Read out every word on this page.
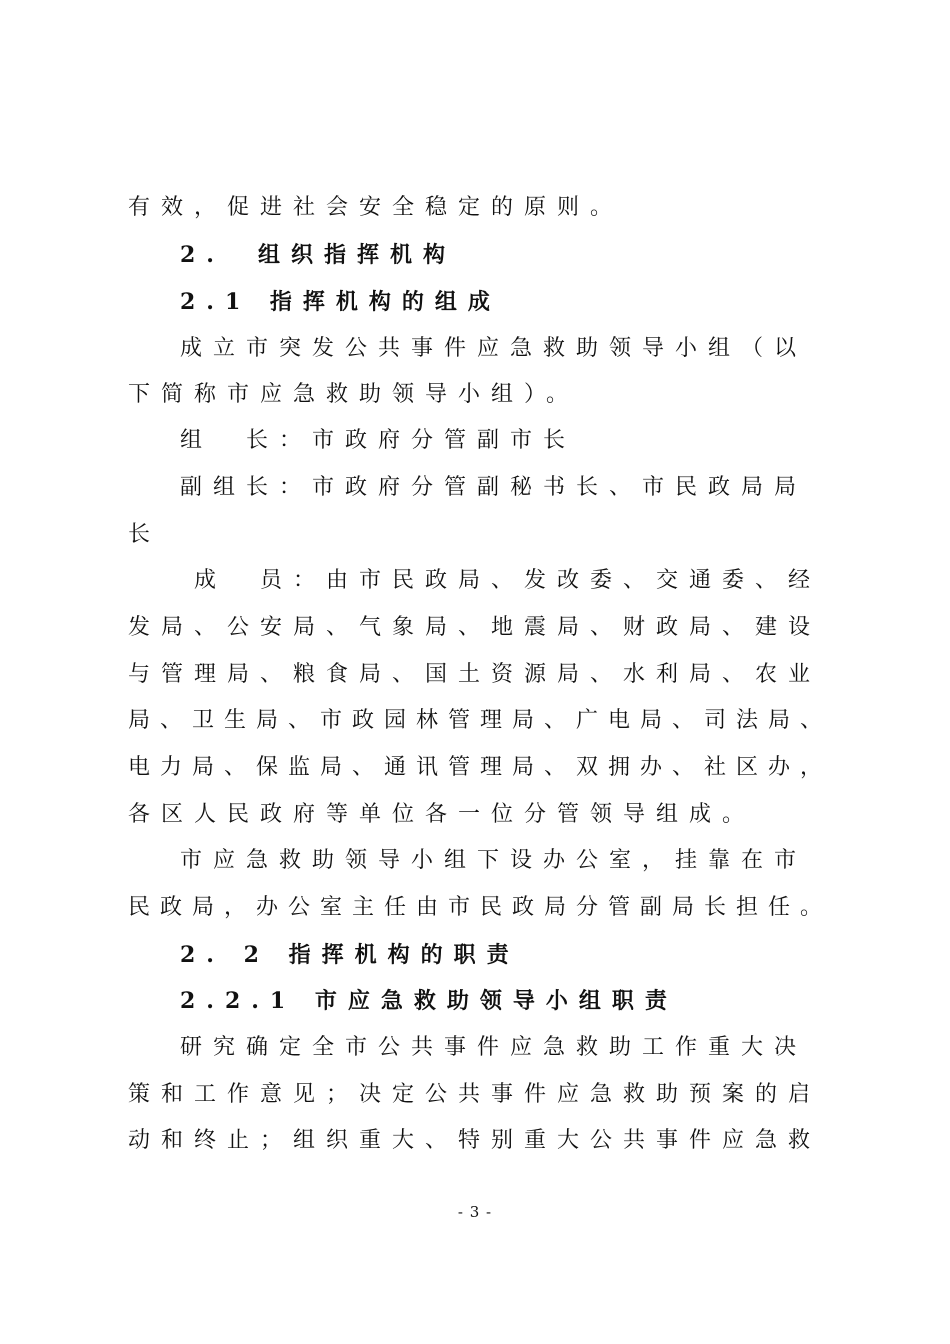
有效，促进社会安全稳定的原则。

2.　组织指挥机构

2.1 指挥机构的组成

成立市突发公共事件应急救助领导小组（以

下简称市应急救助领导小组）。

组　长：市政府分管副市长

副组长：市政府分管副秘书长、市民政局局

长

成　员：由市民政局、发改委、交通委、经

发局、公安局、气象局、地震局、财政局、建设

与管理局、粮食局、国土资源局、水利局、农业

局、卫生局、市政园林管理局、广电局、司法局、

电力局、保监局、通讯管理局、双拥办、社区办，

各区人民政府等单位各一位分管领导组成。

市应急救助领导小组下设办公室，挂靠在市

民政局，办公室主任由市民政局分管副局长担任。

2. 2 指挥机构的职责

2.2.1 市应急救助领导小组职责

研究确定全市公共事件应急救助工作重大决

策和工作意见；决定公共事件应急救助预案的启

动和终止；组织重大、特别重大公共事件应急救

- 3 -
